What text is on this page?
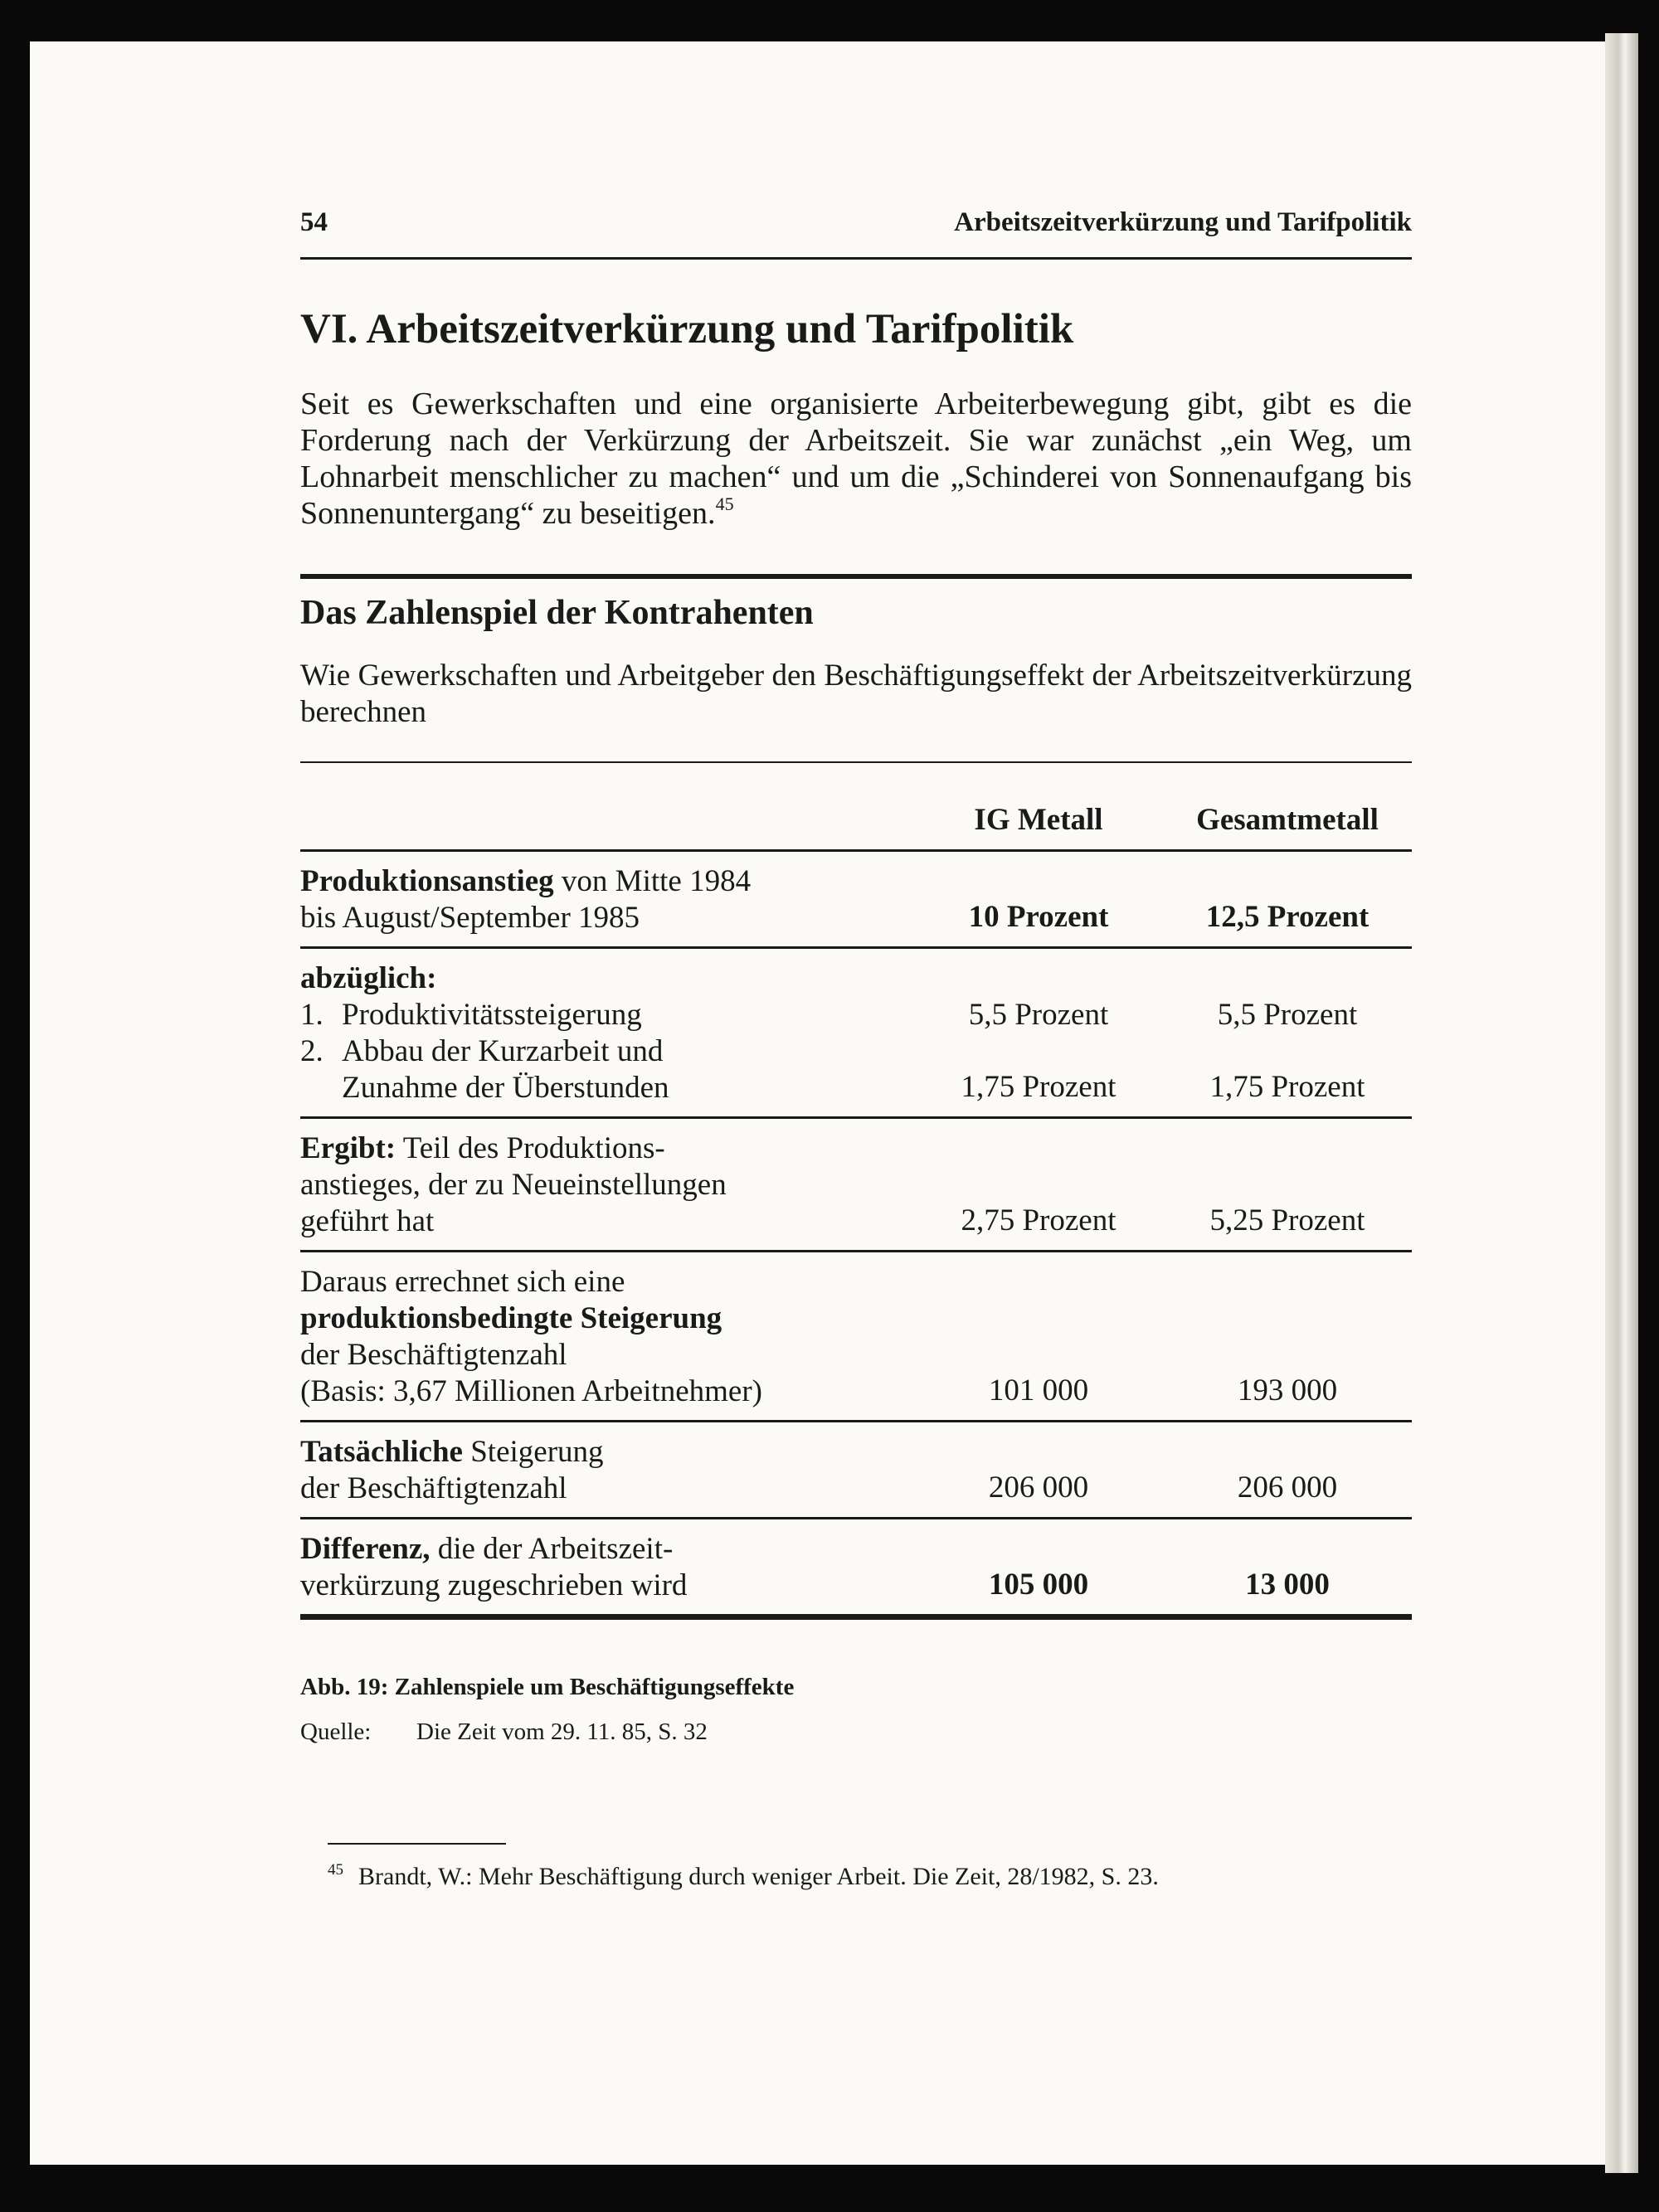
54	Arbeitszeitverkürzung und Tarifpolitik
VI. Arbeitszeitverkürzung und Tarifpolitik

Seit es Gewerkschaften und eine organisierte Arbeiterbewegung gibt, gibt es die Forderung nach der Verkürzung der Arbeitszeit. Sie war zunächst „ein Weg, um Lohnarbeit menschlicher zu machen“ und um die „Schinderei von Sonnenaufgang bis Sonnenuntergang“ zu beseitigen.$^{45}$

Das Zahlenspiel der Kontrahenten

Wie Gewerkschaften und Arbeitgeber den Beschäftigungseffekt der Arbeitszeitverkürzung berechnen

	IG Metall	Gesamtmetall
Produktionsanstieg von Mitte 1984
bis August/September 1985	10 Prozent	12,5 Prozent
abzüglich:		

1. Produktivitätssteigerung	5,5 Prozent	5,5 Prozent

2. Abbau der Kurzarbeit und
Zunahme der Überstunden	1,75 Prozent	1,75 Prozent
Ergibt: Teil des Produktions-
anstieges, der zu Neueinstellungen
geführt hat	2,75 Prozent	5,25 Prozent
Daraus errechnet sich eine
produktionsbedingte Steigerung
der Beschäftigtenzahl
(Basis: 3,67 Millionen Arbeitnehmer)	101 000	193 000
Tatsächliche Steigerung
der Beschäftigtenzahl	206 000	206 000
Differenz, die der Arbeitszeit-
verkürzung zugeschrieben wird	105 000	13 000
Abb. 19: Zahlenspiele um Beschäftigungseffekte
Quelle: Die Zeit vom 29. 11. 85, S. 32
$^{45}$ Brandt, W.: Mehr Beschäftigung durch weniger Arbeit. Die Zeit, 28/1982, S. 23.
